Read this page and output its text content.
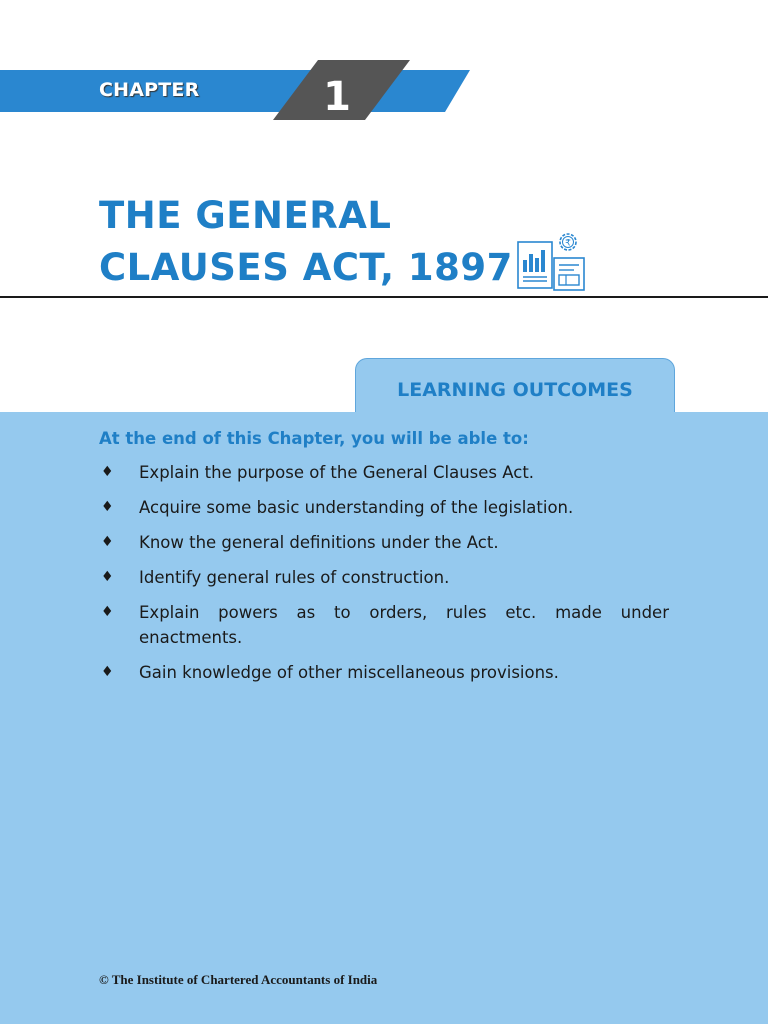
CHAPTER	1
THE GENERAL
CLAUSES ACT, 1897
₹
LEARNING OUTCOMES

At the end of this Chapter, you will be able to:

♦ Explain the purpose of the General Clauses Act.
♦ Acquire some basic understanding of the legislation.
♦ Know the general definitions under the Act.
♦ Identify general rules of construction.
♦ Explain powers as to orders, rules etc. made under enactments.
♦ Gain knowledge of other miscellaneous provisions.
© The Institute of Chartered Accountants of India
